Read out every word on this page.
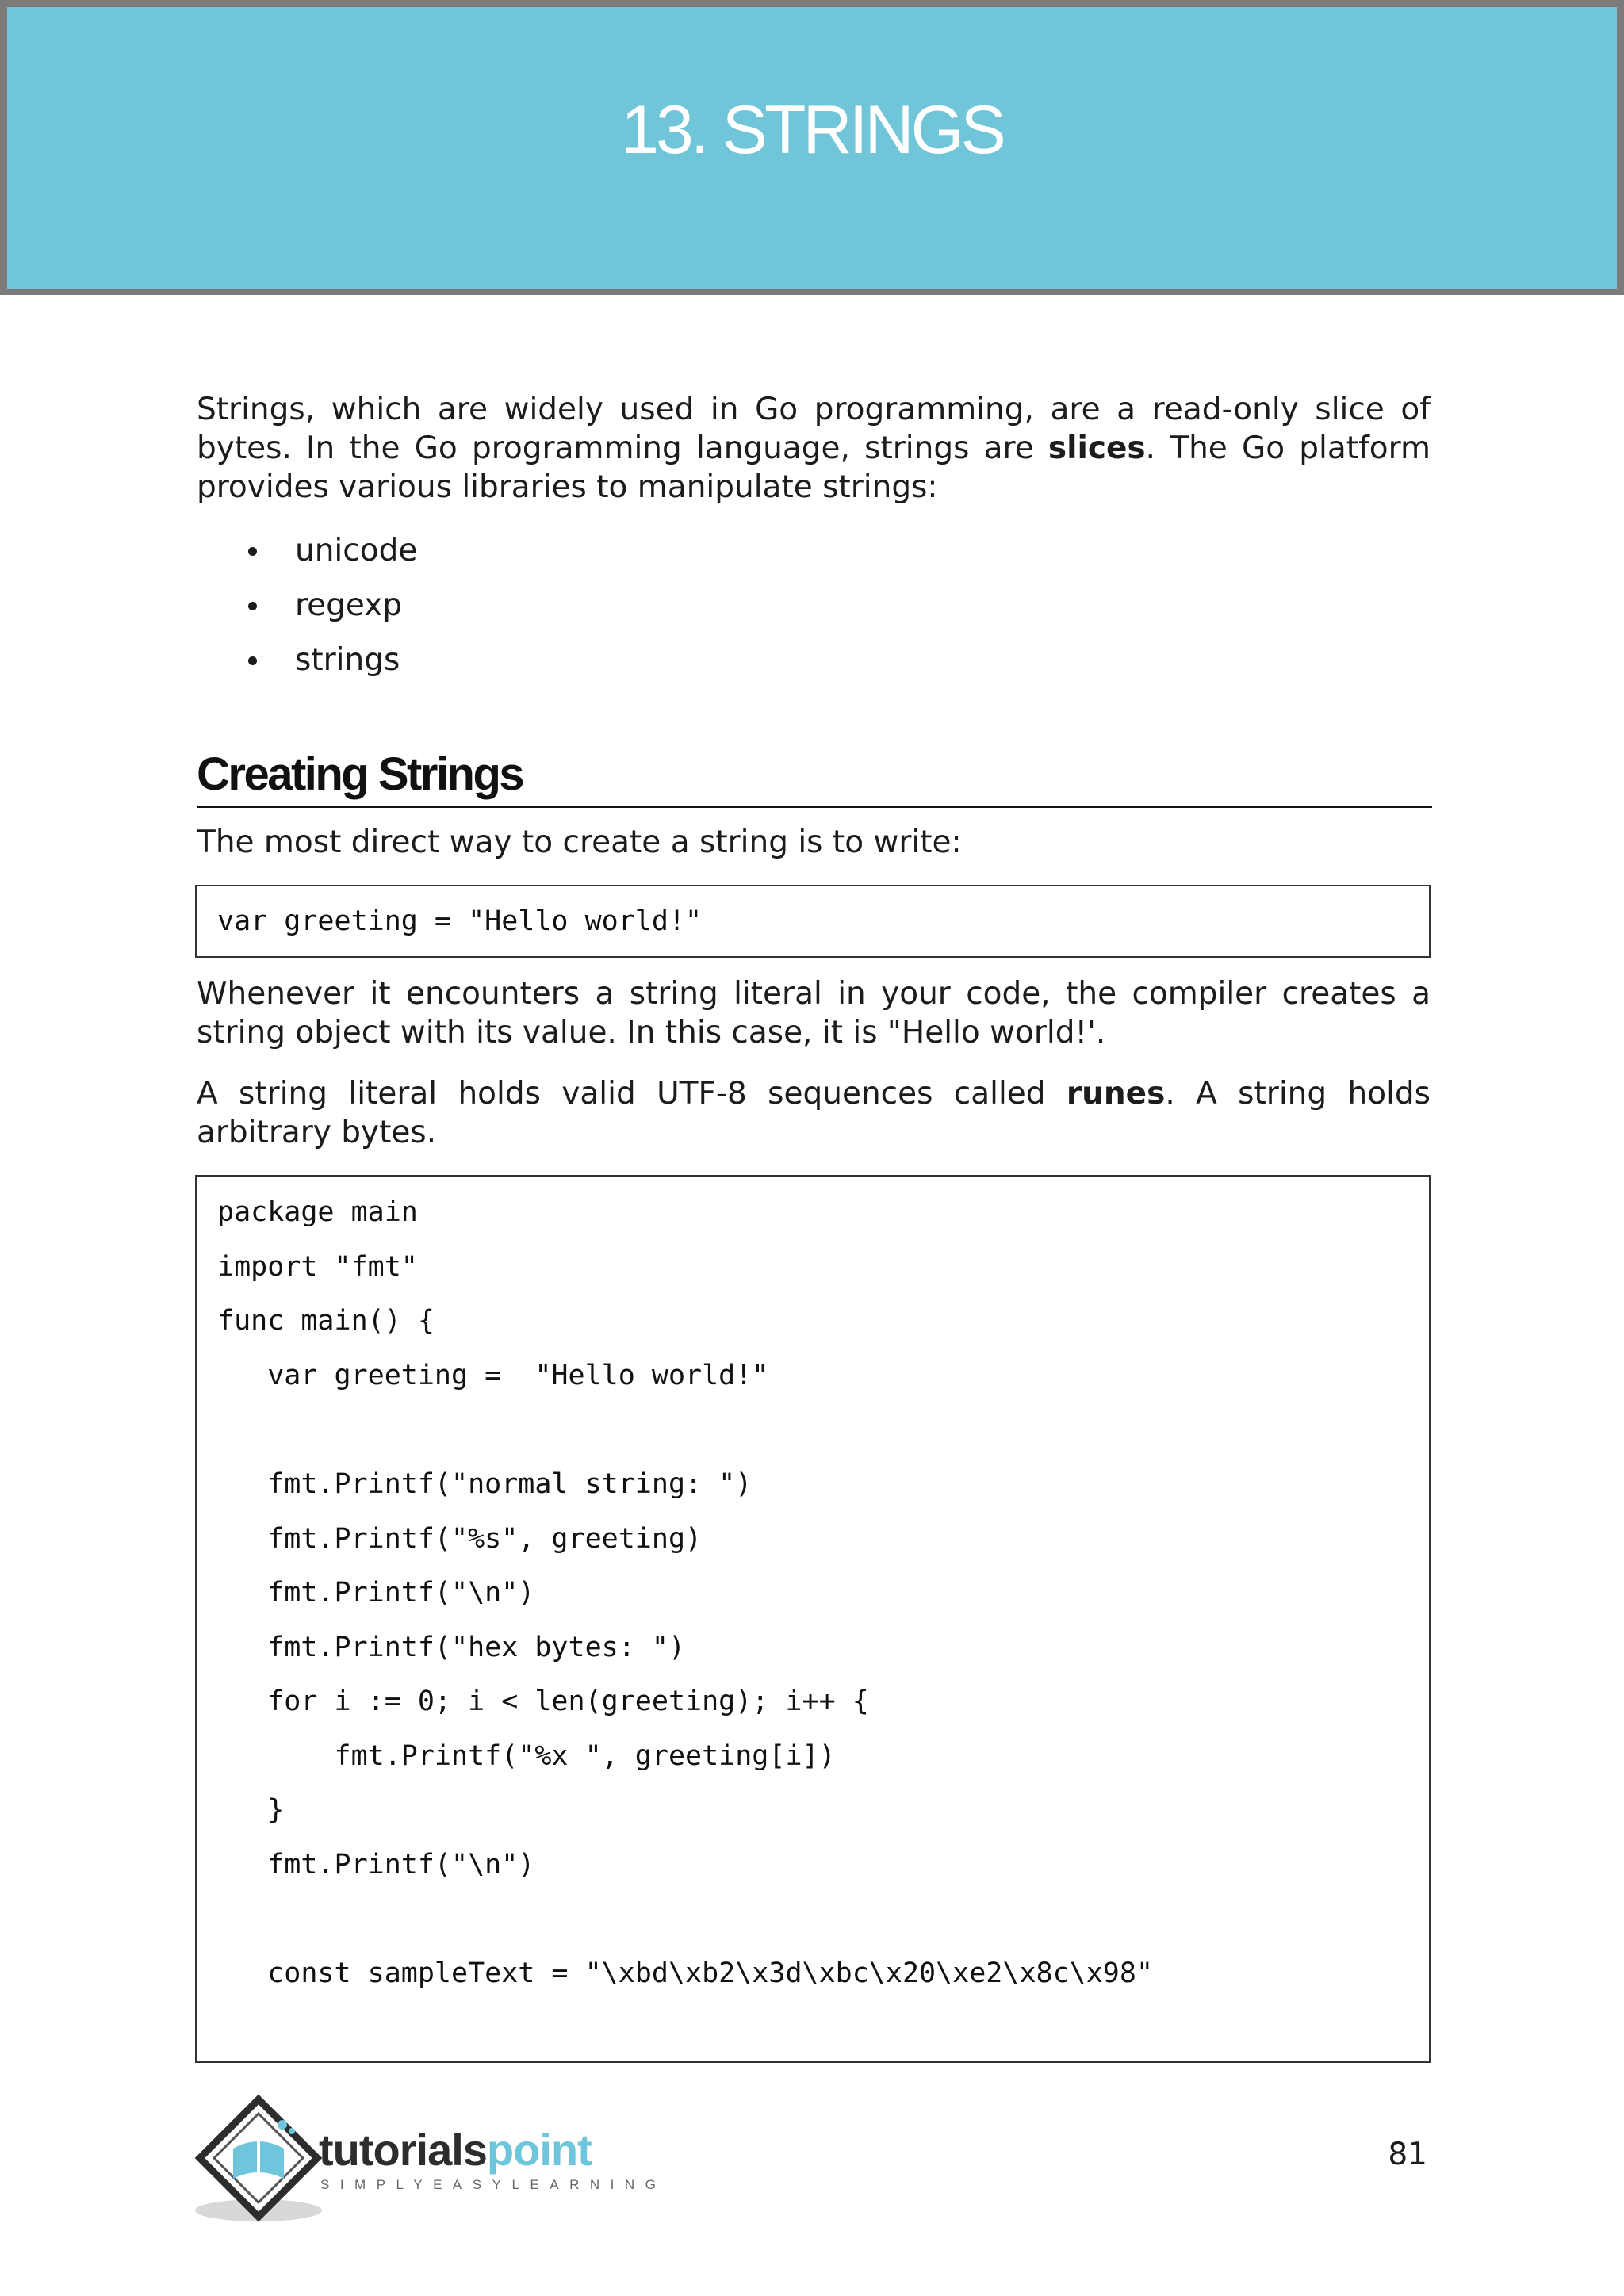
13. STRINGS

Strings, which are widely used in Go programming, are a read-only slice of bytes. In the Go programming language, strings are slices. The Go platform provides various libraries to manipulate strings:

unicode
regexp
strings
Creating Strings

The most direct way to create a string is to write:

var greeting = "Hello world!"

Whenever it encounters a string literal in your code, the compiler creates a string object with its value. In this case, it is "Hello world!'.

A string literal holds valid UTF-8 sequences called runes. A string holds arbitrary bytes.

package main
import "fmt"
func main() {
var greeting =  "Hello world!"
fmt.Printf("normal string: ")
fmt.Printf("%s", greeting)
fmt.Printf("\n")
fmt.Printf("hex bytes: ")
for i := 0; i < len(greeting); i++ {
fmt.Printf("%x ", greeting[i])
}
fmt.Printf("\n")
const sampleText = "\xbd\xb2\x3d\xbc\x20\xe2\x8c\x98"
tutorialspoint
SIMPLYEASYLEARNING
81
